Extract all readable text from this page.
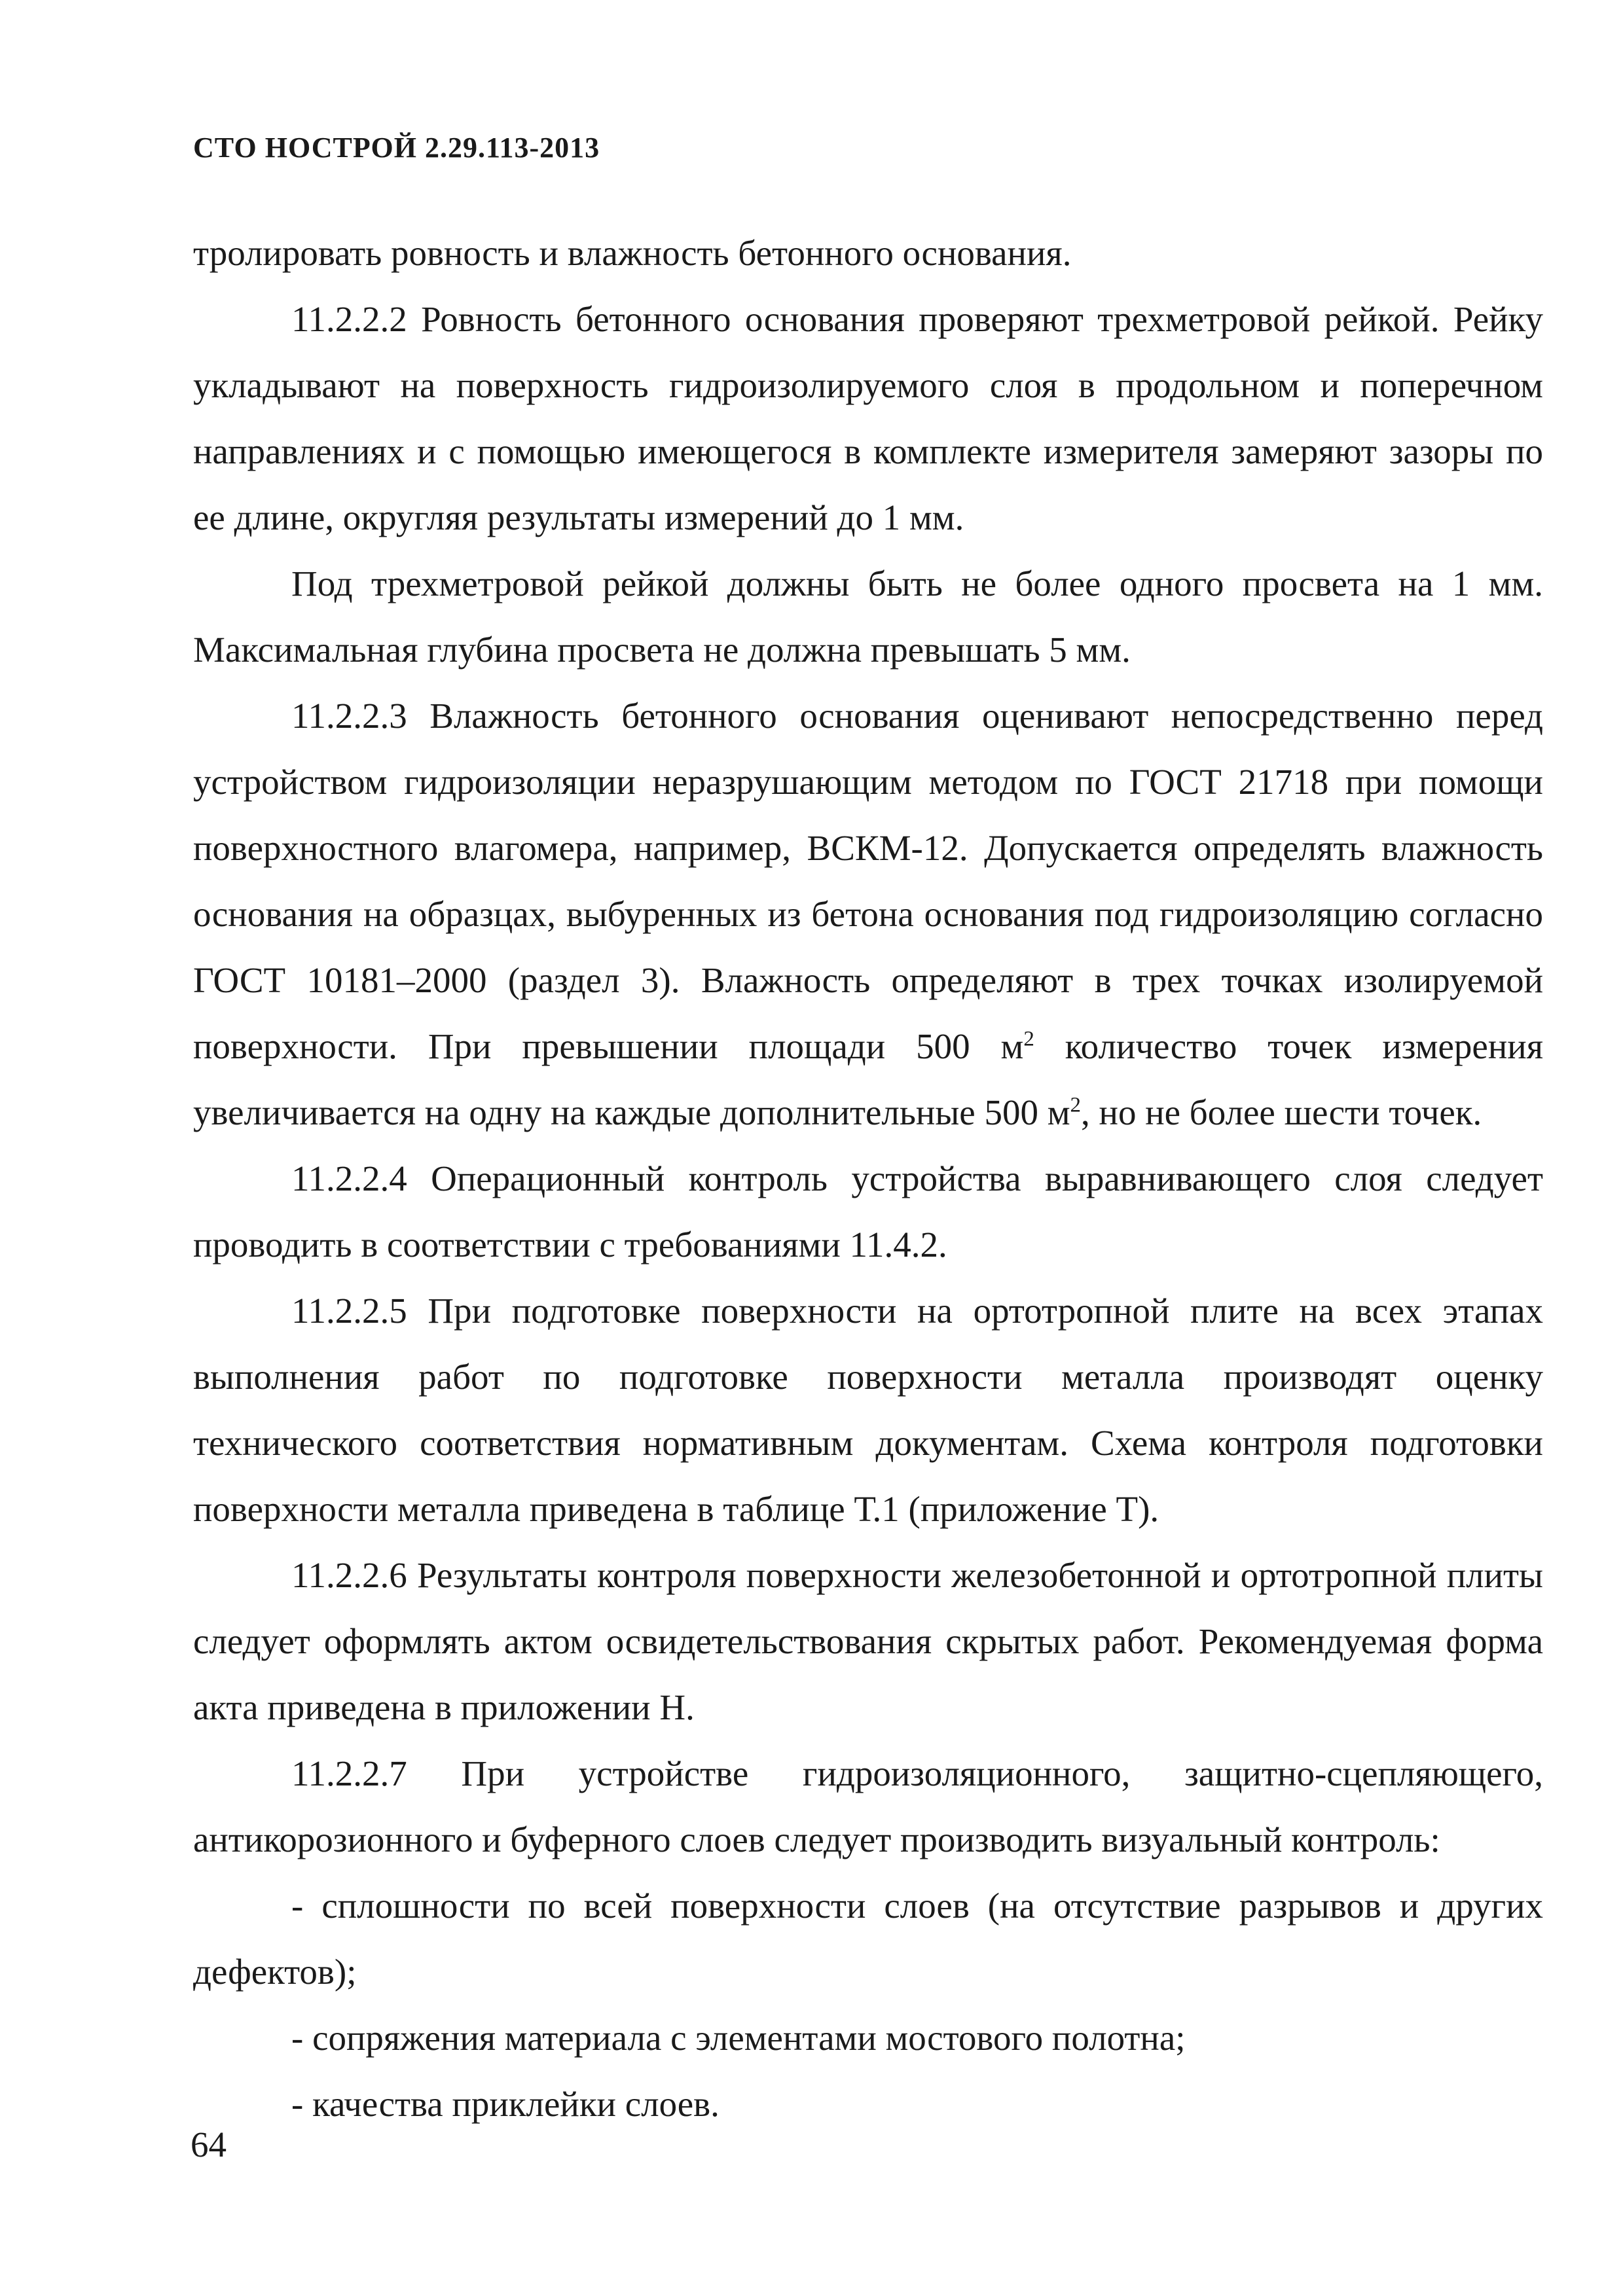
СТО НОСТРОЙ 2.29.113-2013

тролировать ровность и влажность бетонного основания.

11.2.2.2 Ровность бетонного основания проверяют трехметровой рейкой. Рейку укладывают на поверхность гидроизолируемого слоя в продольном и поперечном направлениях и с помощью имеющегося в комплекте измерителя замеряют зазоры по ее длине, округляя результаты измерений до 1 мм.

Под трехметровой рейкой должны быть не более одного просвета на 1 мм. Максимальная глубина просвета не должна превышать 5 мм.

11.2.2.3 Влажность бетонного основания оценивают непосредственно перед устройством гидроизоляции неразрушающим методом по ГОСТ 21718 при помощи поверхностного влагомера, например, ВСКМ-12. Допускается определять влажность основания на образцах, выбуренных из бетона основания под гидроизоляцию согласно ГОСТ 10181–2000 (раздел 3). Влажность определяют в трех точках изолируемой поверхности. При превышении площади 500 $м^2$ количество точек измерения увеличивается на одну на каждые дополнительные 500 $м^2$, но не более шести точек.

11.2.2.4 Операционный контроль устройства выравнивающего слоя следует проводить в соответствии с требованиями 11.4.2.

11.2.2.5 При подготовке поверхности на ортотропной плите на всех этапах выполнения работ по подготовке поверхности металла производят оценку технического соответствия нормативным документам. Схема контроля подготовки поверхности металла приведена в таблице Т.1 (приложение Т).

11.2.2.6 Результаты контроля поверхности железобетонной и ортотропной плиты следует оформлять актом освидетельствования скрытых работ. Рекомендуемая форма акта приведена в приложении Н.

11.2.2.7 При устройстве гидроизоляционного, защитно-сцепляющего, антикорозионного и буферного слоев следует производить визуальный контроль:

- сплошности по всей поверхности слоев (на отсутствие разрывов и других дефектов);

- сопряжения материала с элементами мостового полотна;

- качества приклейки слоев.

64
